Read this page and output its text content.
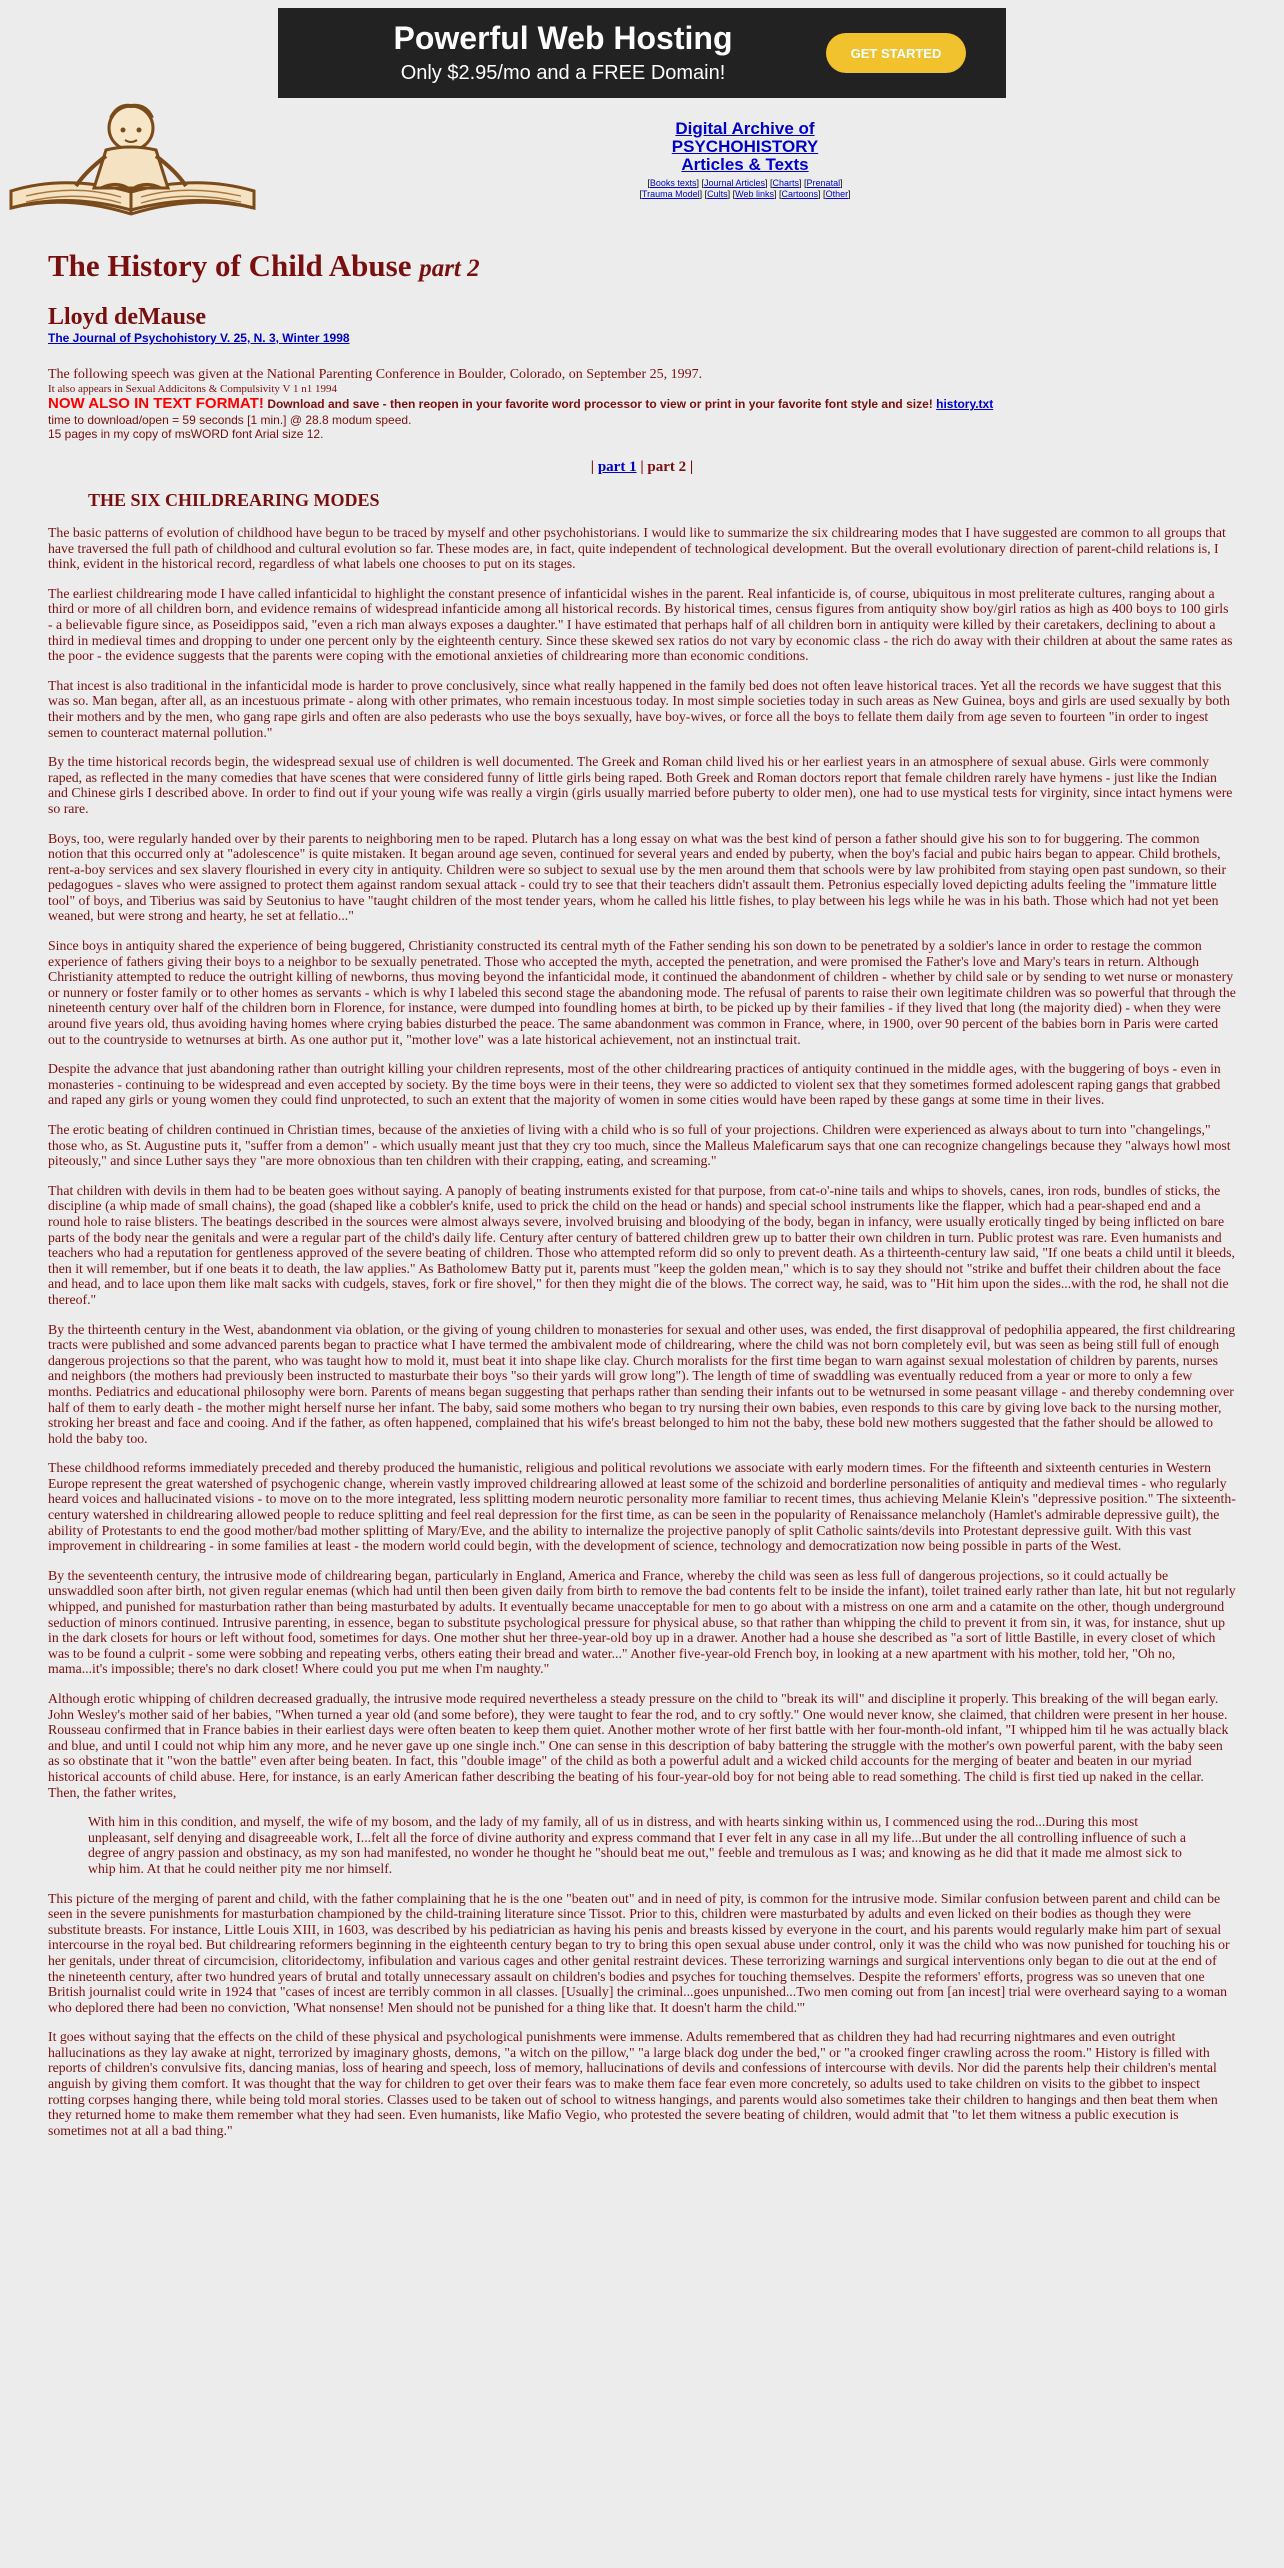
Powerful Web Hosting
Only $2.95/mo and a FREE Domain!
GET STARTED
Digital Archive of
PSYCHOHISTORY
Articles & Texts
[Books texts] [Journal Articles] [Charts] [Prenatal]
[Trauma Model] [Cults] [Web links] [Cartoons] [Other]
The History of Child Abuse part 2
Lloyd deMause
The Journal of Psychohistory V. 25, N. 3, Winter 1998
The following speech was given at the National Parenting Conference in Boulder, Colorado, on September 25, 1997.
It also appears in Sexual Addicitons & Compulsivity V 1 n1 1994
NOW ALSO IN TEXT FORMAT! Download and save - then reopen in your favorite word processor to view or print in your favorite font style and size! history.txt
time to download/open = 59 seconds [1 min.] @ 28.8 modum speed.
15 pages in my copy of msWORD font Arial size 12.
| part 1 | part 2 |
THE SIX CHILDREARING MODES

The basic patterns of evolution of childhood have begun to be traced by myself and other psychohistorians. I would like to summarize the six childrearing modes that I have suggested are common to all groups that have traversed the full path of childhood and cultural evolution so far. These modes are, in fact, quite independent of technological development. But the overall evolutionary direction of parent-child relations is, I think, evident in the historical record, regardless of what labels one chooses to put on its stages.

The earliest childrearing mode I have called infanticidal to highlight the constant presence of infanticidal wishes in the parent. Real infanticide is, of course, ubiquitous in most preliterate cultures, ranging about a third or more of all children born, and evidence remains of widespread infanticide among all historical records. By historical times, census figures from antiquity show boy/girl ratios as high as 400 boys to 100 girls - a believable figure since, as Poseidippos said, "even a rich man always exposes a daughter." I have estimated that perhaps half of all children born in antiquity were killed by their caretakers, declining to about a third in medieval times and dropping to under one percent only by the eighteenth century. Since these skewed sex ratios do not vary by economic class - the rich do away with their children at about the same rates as the poor - the evidence suggests that the parents were coping with the emotional anxieties of childrearing more than economic conditions.

That incest is also traditional in the infanticidal mode is harder to prove conclusively, since what really happened in the family bed does not often leave historical traces. Yet all the records we have suggest that this was so. Man began, after all, as an incestuous primate - along with other primates, who remain incestuous today. In most simple societies today in such areas as New Guinea, boys and girls are used sexually by both their mothers and by the men, who gang rape girls and often are also pederasts who use the boys sexually, have boy-wives, or force all the boys to fellate them daily from age seven to fourteen "in order to ingest semen to counteract maternal pollution."

By the time historical records begin, the widespread sexual use of children is well documented. The Greek and Roman child lived his or her earliest years in an atmosphere of sexual abuse. Girls were commonly raped, as reflected in the many comedies that have scenes that were considered funny of little girls being raped. Both Greek and Roman doctors report that female children rarely have hymens - just like the Indian and Chinese girls I described above. In order to find out if your young wife was really a virgin (girls usually married before puberty to older men), one had to use mystical tests for virginity, since intact hymens were so rare.

Boys, too, were regularly handed over by their parents to neighboring men to be raped. Plutarch has a long essay on what was the best kind of person a father should give his son to for buggering. The common notion that this occurred only at "adolescence" is quite mistaken. It began around age seven, continued for several years and ended by puberty, when the boy's facial and pubic hairs began to appear. Child brothels, rent-a-boy services and sex slavery flourished in every city in antiquity. Children were so subject to sexual use by the men around them that schools were by law prohibited from staying open past sundown, so their pedagogues - slaves who were assigned to protect them against random sexual attack - could try to see that their teachers didn't assault them. Petronius especially loved depicting adults feeling the "immature little tool" of boys, and Tiberius was said by Seutonius to have "taught children of the most tender years, whom he called his little fishes, to play between his legs while he was in his bath. Those which had not yet been weaned, but were strong and hearty, he set at fellatio..."

Since boys in antiquity shared the experience of being buggered, Christianity constructed its central myth of the Father sending his son down to be penetrated by a soldier's lance in order to restage the common experience of fathers giving their boys to a neighbor to be sexually penetrated. Those who accepted the myth, accepted the penetration, and were promised the Father's love and Mary's tears in return. Although Christianity attempted to reduce the outright killing of newborns, thus moving beyond the infanticidal mode, it continued the abandonment of children - whether by child sale or by sending to wet nurse or monastery or nunnery or foster family or to other homes as servants - which is why I labeled this second stage the abandoning mode. The refusal of parents to raise their own legitimate children was so powerful that through the nineteenth century over half of the children born in Florence, for instance, were dumped into foundling homes at birth, to be picked up by their families - if they lived that long (the majority died) - when they were around five years old, thus avoiding having homes where crying babies disturbed the peace. The same abandonment was common in France, where, in 1900, over 90 percent of the babies born in Paris were carted out to the countryside to wetnurses at birth. As one author put it, "mother love" was a late historical achievement, not an instinctual trait.

Despite the advance that just abandoning rather than outright killing your children represents, most of the other childrearing practices of antiquity continued in the middle ages, with the buggering of boys - even in monasteries - continuing to be widespread and even accepted by society. By the time boys were in their teens, they were so addicted to violent sex that they sometimes formed adolescent raping gangs that grabbed and raped any girls or young women they could find unprotected, to such an extent that the majority of women in some cities would have been raped by these gangs at some time in their lives.

The erotic beating of children continued in Christian times, because of the anxieties of living with a child who is so full of your projections. Children were experienced as always about to turn into "changelings," those who, as St. Augustine puts it, "suffer from a demon" - which usually meant just that they cry too much, since the Malleus Maleficarum says that one can recognize changelings because they "always howl most piteously," and since Luther says they "are more obnoxious than ten children with their crapping, eating, and screaming."

That children with devils in them had to be beaten goes without saying. A panoply of beating instruments existed for that purpose, from cat-o'-nine tails and whips to shovels, canes, iron rods, bundles of sticks, the discipline (a whip made of small chains), the goad (shaped like a cobbler's knife, used to prick the child on the head or hands) and special school instruments like the flapper, which had a pear-shaped end and a round hole to raise blisters. The beatings described in the sources were almost always severe, involved bruising and bloodying of the body, began in infancy, were usually erotically tinged by being inflicted on bare parts of the body near the genitals and were a regular part of the child's daily life. Century after century of battered children grew up to batter their own children in turn. Public protest was rare. Even humanists and teachers who had a reputation for gentleness approved of the severe beating of children. Those who attempted reform did so only to prevent death. As a thirteenth-century law said, "If one beats a child until it bleeds, then it will remember, but if one beats it to death, the law applies." As Batholomew Batty put it, parents must "keep the golden mean," which is to say they should not "strike and buffet their children about the face and head, and to lace upon them like malt sacks with cudgels, staves, fork or fire shovel," for then they might die of the blows. The correct way, he said, was to "Hit him upon the sides...with the rod, he shall not die thereof."

By the thirteenth century in the West, abandonment via oblation, or the giving of young children to monasteries for sexual and other uses, was ended, the first disapproval of pedophilia appeared, the first childrearing tracts were published and some advanced parents began to practice what I have termed the ambivalent mode of childrearing, where the child was not born completely evil, but was seen as being still full of enough dangerous projections so that the parent, who was taught how to mold it, must beat it into shape like clay. Church moralists for the first time began to warn against sexual molestation of children by parents, nurses and neighbors (the mothers had previously been instructed to masturbate their boys "so their yards will grow long"). The length of time of swaddling was eventually reduced from a year or more to only a few months. Pediatrics and educational philosophy were born. Parents of means began suggesting that perhaps rather than sending their infants out to be wetnursed in some peasant village - and thereby condemning over half of them to early death - the mother might herself nurse her infant. The baby, said some mothers who began to try nursing their own babies, even responds to this care by giving love back to the nursing mother, stroking her breast and face and cooing. And if the father, as often happened, complained that his wife's breast belonged to him not the baby, these bold new mothers suggested that the father should be allowed to hold the baby too.

These childhood reforms immediately preceded and thereby produced the humanistic, religious and political revolutions we associate with early modern times. For the fifteenth and sixteenth centuries in Western Europe represent the great watershed of psychogenic change, wherein vastly improved childrearing allowed at least some of the schizoid and borderline personalities of antiquity and medieval times - who regularly heard voices and hallucinated visions - to move on to the more integrated, less splitting modern neurotic personality more familiar to recent times, thus achieving Melanie Klein's "depressive position." The sixteenth-century watershed in childrearing allowed people to reduce splitting and feel real depression for the first time, as can be seen in the popularity of Renaissance melancholy (Hamlet's admirable depressive guilt), the ability of Protestants to end the good mother/bad mother splitting of Mary/Eve, and the ability to internalize the projective panoply of split Catholic saints/devils into Protestant depressive guilt. With this vast improvement in childrearing - in some families at least - the modern world could begin, with the development of science, technology and democratization now being possible in parts of the West.

By the seventeenth century, the intrusive mode of childrearing began, particularly in England, America and France, whereby the child was seen as less full of dangerous projections, so it could actually be unswaddled soon after birth, not given regular enemas (which had until then been given daily from birth to remove the bad contents felt to be inside the infant), toilet trained early rather than late, hit but not regularly whipped, and punished for masturbation rather than being masturbated by adults. It eventually became unacceptable for men to go about with a mistress on one arm and a catamite on the other, though underground seduction of minors continued. Intrusive parenting, in essence, began to substitute psychological pressure for physical abuse, so that rather than whipping the child to prevent it from sin, it was, for instance, shut up in the dark closets for hours or left without food, sometimes for days. One mother shut her three-year-old boy up in a drawer. Another had a house she described as "a sort of little Bastille, in every closet of which was to be found a culprit - some were sobbing and repeating verbs, others eating their bread and water..." Another five-year-old French boy, in looking at a new apartment with his mother, told her, "Oh no, mama...it's impossible; there's no dark closet! Where could you put me when I'm naughty."

Although erotic whipping of children decreased gradually, the intrusive mode required nevertheless a steady pressure on the child to "break its will" and discipline it properly. This breaking of the will began early. John Wesley's mother said of her babies, "When turned a year old (and some before), they were taught to fear the rod, and to cry softly." One would never know, she claimed, that children were present in her house. Rousseau confirmed that in France babies in their earliest days were often beaten to keep them quiet. Another mother wrote of her first battle with her four-month-old infant, "I whipped him til he was actually black and blue, and until I could not whip him any more, and he never gave up one single inch." One can sense in this description of baby battering the struggle with the mother's own powerful parent, with the baby seen as so obstinate that it "won the battle" even after being beaten. In fact, this "double image" of the child as both a powerful adult and a wicked child accounts for the merging of beater and beaten in our myriad historical accounts of child abuse. Here, for instance, is an early American father describing the beating of his four-year-old boy for not being able to read something. The child is first tied up naked in the cellar. Then, the father writes,

With him in this condition, and myself, the wife of my bosom, and the lady of my family, all of us in distress, and with hearts sinking within us, I commenced using the rod...During this most unpleasant, self denying and disagreeable work, I...felt all the force of divine authority and express command that I ever felt in any case in all my life...But under the all controlling influence of such a degree of angry passion and obstinacy, as my son had manifested, no wonder he thought he "should beat me out," feeble and tremulous as I was; and knowing as he did that it made me almost sick to whip him. At that he could neither pity me nor himself.

This picture of the merging of parent and child, with the father complaining that he is the one "beaten out" and in need of pity, is common for the intrusive mode. Similar confusion between parent and child can be seen in the severe punishments for masturbation championed by the child-training literature since Tissot. Prior to this, children were masturbated by adults and even licked on their bodies as though they were substitute breasts. For instance, Little Louis XIII, in 1603, was described by his pediatrician as having his penis and breasts kissed by everyone in the court, and his parents would regularly make him part of sexual intercourse in the royal bed. But childrearing reformers beginning in the eighteenth century began to try to bring this open sexual abuse under control, only it was the child who was now punished for touching his or her genitals, under threat of circumcision, clitoridectomy, infibulation and various cages and other genital restraint devices. These terrorizing warnings and surgical interventions only began to die out at the end of the nineteenth century, after two hundred years of brutal and totally unnecessary assault on children's bodies and psyches for touching themselves. Despite the reformers' efforts, progress was so uneven that one British journalist could write in 1924 that "cases of incest are terribly common in all classes. [Usually] the criminal...goes unpunished...Two men coming out from [an incest] trial were overheard saying to a woman who deplored there had been no conviction, 'What nonsense! Men should not be punished for a thing like that. It doesn't harm the child.'"

It goes without saying that the effects on the child of these physical and psychological punishments were immense. Adults remembered that as children they had had recurring nightmares and even outright hallucinations as they lay awake at night, terrorized by imaginary ghosts, demons, "a witch on the pillow," "a large black dog under the bed," or "a crooked finger crawling across the room." History is filled with reports of children's convulsive fits, dancing manias, loss of hearing and speech, loss of memory, hallucinations of devils and confessions of intercourse with devils. Nor did the parents help their children's mental anguish by giving them comfort. It was thought that the way for children to get over their fears was to make them face fear even more concretely, so adults used to take children on visits to the gibbet to inspect rotting corpses hanging there, while being told moral stories. Classes used to be taken out of school to witness hangings, and parents would also sometimes take their children to hangings and then beat them when they returned home to make them remember what they had seen. Even humanists, like Mafio Vegio, who protested the severe beating of children, would admit that "to let them witness a public execution is sometimes not at all a bad thing."
